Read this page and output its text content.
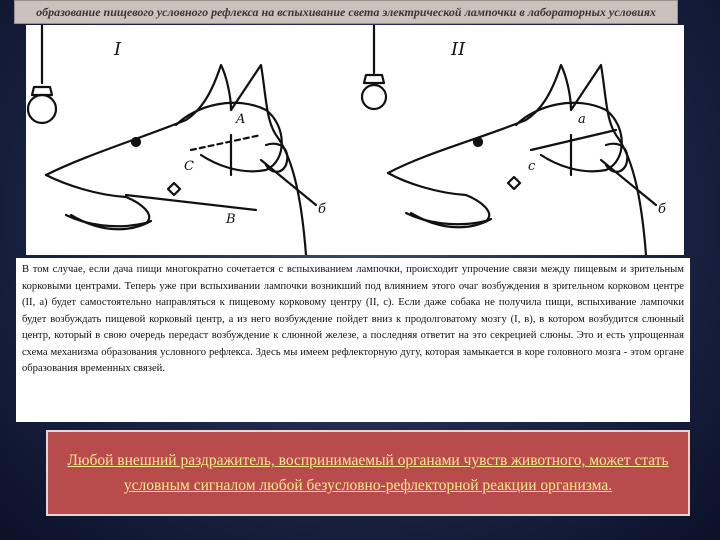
образование пищевого условного рефлекса на вспыхивание света электрической лампочки в лабораторных условиях
I	II
A
C
B
б
a
c
б

В том случае, если дача пищи многократно сочетается с вспыхиванием лампочки, происходит упрочение связи между пищевым и зрительным корковыми центрами. Теперь уже при вспыхивании лампочки возникший под влиянием этого очаг возбуждения в зрительном корковом центре (II, а) будет самостоятельно направляться к пищевому корковому центру (II, с). Если даже собака не получила пищи, вспыхивание лампочки будет возбуждать пищевой корковый центр, а из него возбуждение пойдет вниз к продолговатому мозгу (I, в), в котором возбудится слюнный центр, который в свою очередь передаст возбуждение к слюнной железе, а последняя ответит на это секрецией слюны. Это и есть упрощенная схема механизма образования условного рефлекса. Здесь мы имеем рефлекторную дугу, которая замыкается в коре головного мозга - этом органе образования временных связей.

Любой внешний раздражитель, воспринимаемый органами чувств животного, может стать условным сигналом любой безусловно-рефлекторной реакции организма.
